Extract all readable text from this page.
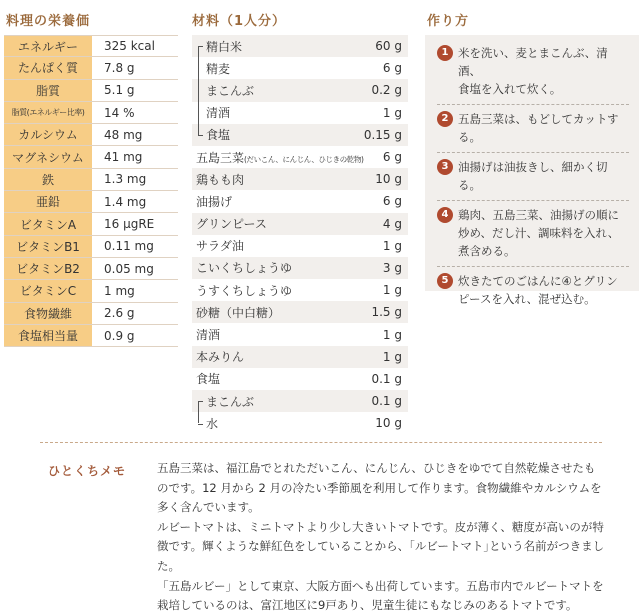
料理の栄養価	材料（1人分）	作り方
エネルギー	325 kcal
たんぱく質	7.8 g
脂質	5.1 g
脂質(エネルギー比率)	14 %
カルシウム	48 mg
マグネシウム	41 mg
鉄	1.3 mg
亜鉛	1.4 mg
ビタミンA	16 μgRE
ビタミンB1	0.11 mg
ビタミンB2	0.05 mg
ビタミンC	1 mg
食物繊維	2.6 g
食塩相当量	0.9 g
精白米	60 g
精麦	6 g
まこんぶ	0.2 g
清酒	1 g
食塩	0.15 g
五島三菜(だいこん、にんじん、ひじきの乾物) 6 g
鶏もも肉	10 g
油揚げ	6 g
グリンピース	4 g
サラダ油	1 g
こいくちしょうゆ	3 g
うすくちしょうゆ	1 g
砂糖（中白糖）	1.5 g
清酒	1 g
本みりん	1 g
食塩	0.1 g
まこんぶ	0.1 g
水	10 g
1 米を洗い、麦とまこんぶ、清酒、
食塩を入れて炊く。
2 五島三菜は、もどしてカットする。
3 油揚げは油抜きし、細かく切る。
4 鶏肉、五島三菜、油揚げの順に
炒め、だし汁、調味料を入れ、
煮含める。
5 炊きたてのごはんに④とグリン
ピースを入れ、混ぜ込む。
ひとくちメモ	五島三菜は、福江島でとれただいこん、にんじん、ひじきをゆでて自然乾燥させたも

のです。12 月から 2 月の冷たい季節風を利用して作ります。食物繊維やカルシウムを

多く含んでいます。

ルビートマトは、ミニトマトより少し大きいトマトです。皮が薄く、糖度が高いのが特

徴です。輝くような鮮紅色をしていることから、｢ルビートマト｣という名前がつきました。

「五島ルビー」として東京、大阪方面へも出荷しています。五島市内でルビートマトを

栽培しているのは、富江地区に9戸あり、児童生徒にもなじみのあるトマトです。
